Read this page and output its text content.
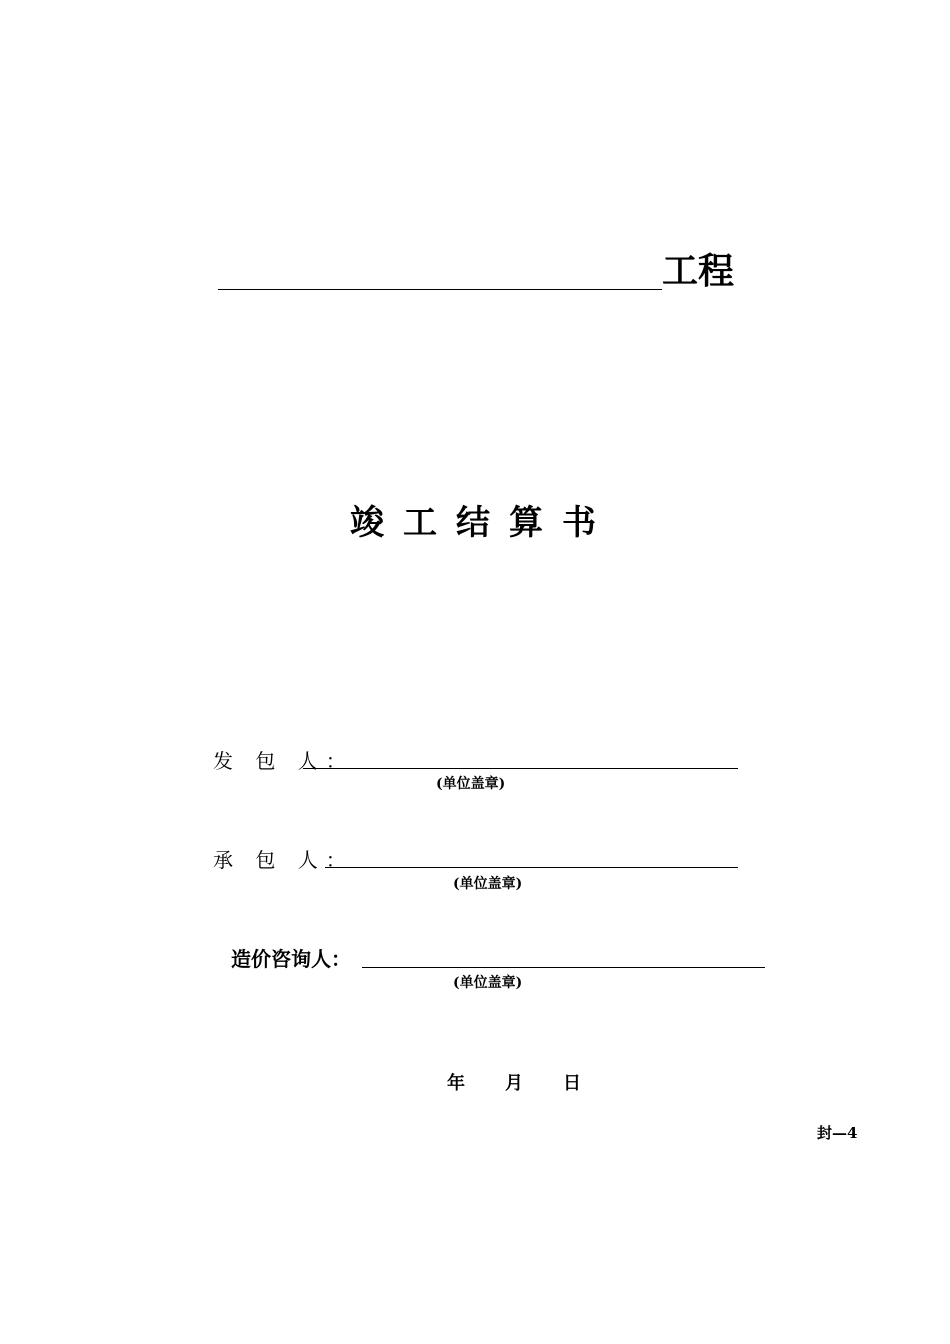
工程
竣工结算书
发 包 人：
(单位盖章)
承 包 人：
(单位盖章)
造价咨询人：
(单位盖章)
年 月 日
封—4
